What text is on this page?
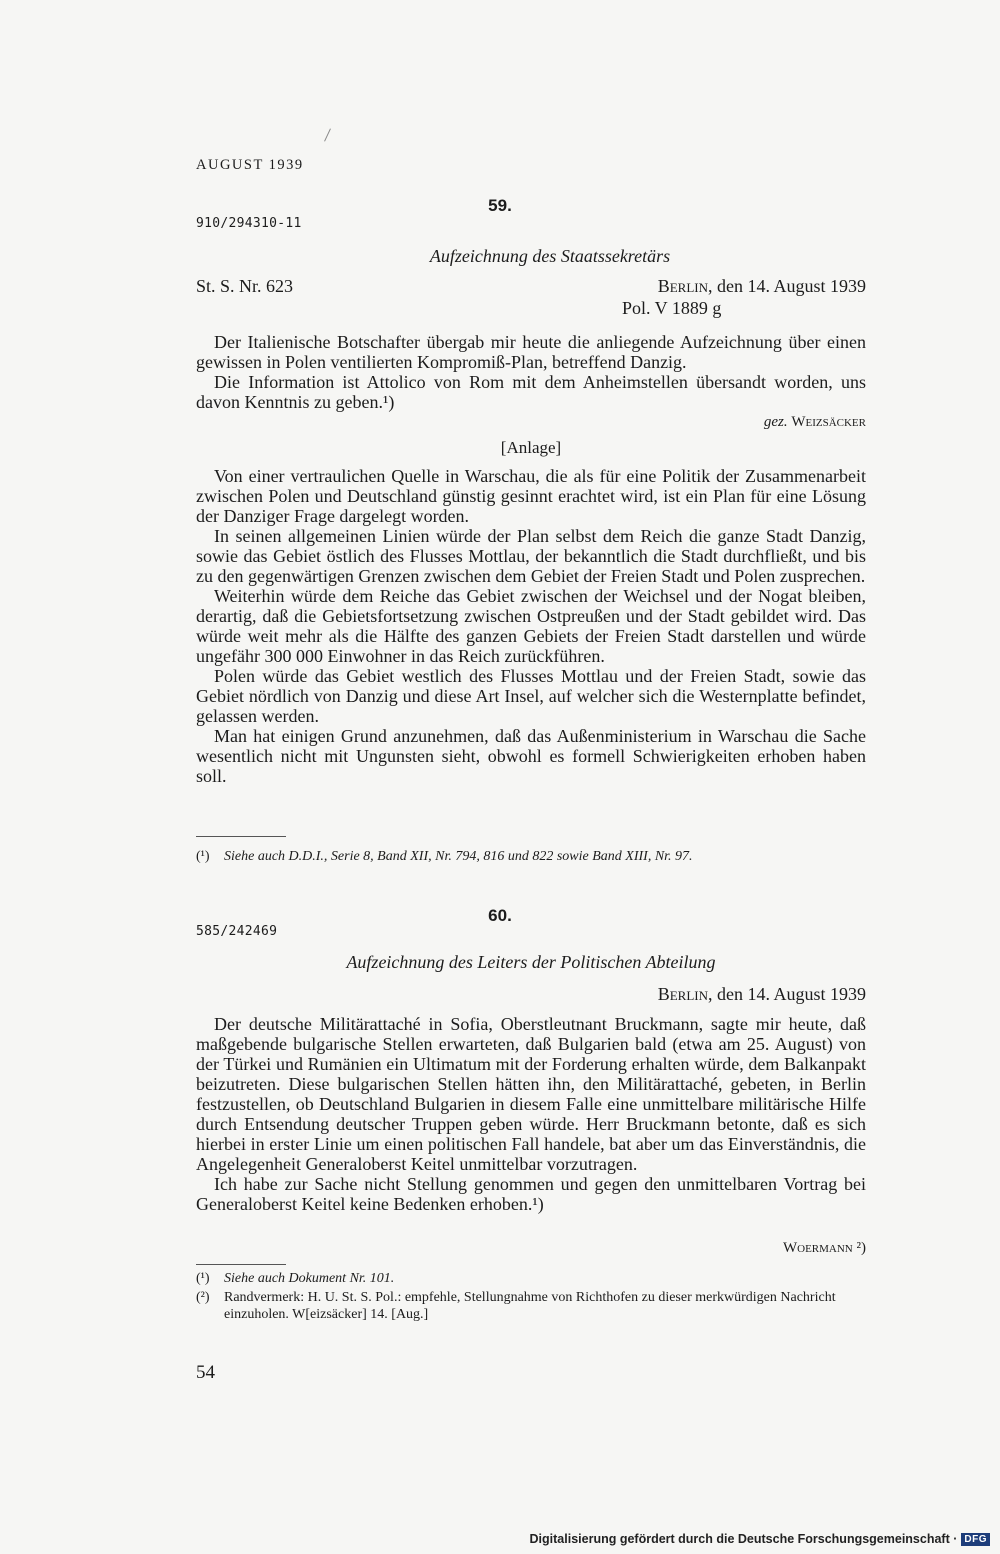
AUGUST 1939
59.
910/294310-11
Aufzeichnung des Staatssekretärs
St. S. Nr. 623	Berlin, den 14. August 1939
Pol. V 1889 g

Der Italienische Botschafter übergab mir heute die anliegende Aufzeichnung über einen gewissen in Polen ventilierten Kompromiß-Plan, betreffend Danzig.

Die Information ist Attolico von Rom mit dem Anheimstellen übersandt worden, uns davon Kenntnis zu geben.¹)

gez. Weizsäcker
[Anlage]

Von einer vertraulichen Quelle in Warschau, die als für eine Politik der Zusammenarbeit zwischen Polen und Deutschland günstig gesinnt erachtet wird, ist ein Plan für eine Lösung der Danziger Frage dargelegt worden.

In seinen allgemeinen Linien würde der Plan selbst dem Reich die ganze Stadt Danzig, sowie das Gebiet östlich des Flusses Mottlau, der bekanntlich die Stadt durchfließt, und bis zu den gegenwärtigen Grenzen zwischen dem Gebiet der Freien Stadt und Polen zusprechen.

Weiterhin würde dem Reiche das Gebiet zwischen der Weichsel und der Nogat bleiben, derartig, daß die Gebietsfortsetzung zwischen Ostpreußen und der Stadt gebildet wird. Das würde weit mehr als die Hälfte des ganzen Gebiets der Freien Stadt darstellen und würde ungefähr 300 000 Einwohner in das Reich zurückführen.

Polen würde das Gebiet westlich des Flusses Mottlau und der Freien Stadt, sowie das Gebiet nördlich von Danzig und diese Art Insel, auf welcher sich die Westernplatte befindet, gelassen werden.

Man hat einigen Grund anzunehmen, daß das Außenministerium in Warschau die Sache wesentlich nicht mit Ungunsten sieht, obwohl es formell Schwierigkeiten erhoben haben soll.

(¹) Siehe auch D.D.I., Serie 8, Band XII, Nr. 794, 816 und 822 sowie Band XIII, Nr. 97.
60.
585/242469
Aufzeichnung des Leiters der Politischen Abteilung
Berlin, den 14. August 1939

Der deutsche Militärattaché in Sofia, Oberstleutnant Bruckmann, sagte mir heute, daß maßgebende bulgarische Stellen erwarteten, daß Bulgarien bald (etwa am 25. August) von der Türkei und Rumänien ein Ultimatum mit der Forderung erhalten würde, dem Balkanpakt beizutreten. Diese bulgarischen Stellen hätten ihn, den Militärattaché, gebeten, in Berlin festzustellen, ob Deutschland Bulgarien in diesem Falle eine unmittelbare militärische Hilfe durch Entsendung deutscher Truppen geben würde. Herr Bruckmann betonte, daß es sich hierbei in erster Linie um einen politischen Fall handele, bat aber um das Einverständnis, die Angelegenheit Generaloberst Keitel unmittelbar vorzutragen.

Ich habe zur Sache nicht Stellung genommen und gegen den unmittelbaren Vortrag bei Generaloberst Keitel keine Bedenken erhoben.¹)

Woermann ²)
(¹) Siehe auch Dokument Nr. 101.
(²) Randvermerk: H. U. St. S. Pol.: empfehle, Stellungnahme von Richthofen zu dieser merkwürdigen Nachricht einzuholen. W[eizsäcker] 14. [Aug.]
54
Digitalisierung gefördert durch die Deutsche Forschungsgemeinschaft · DFG
